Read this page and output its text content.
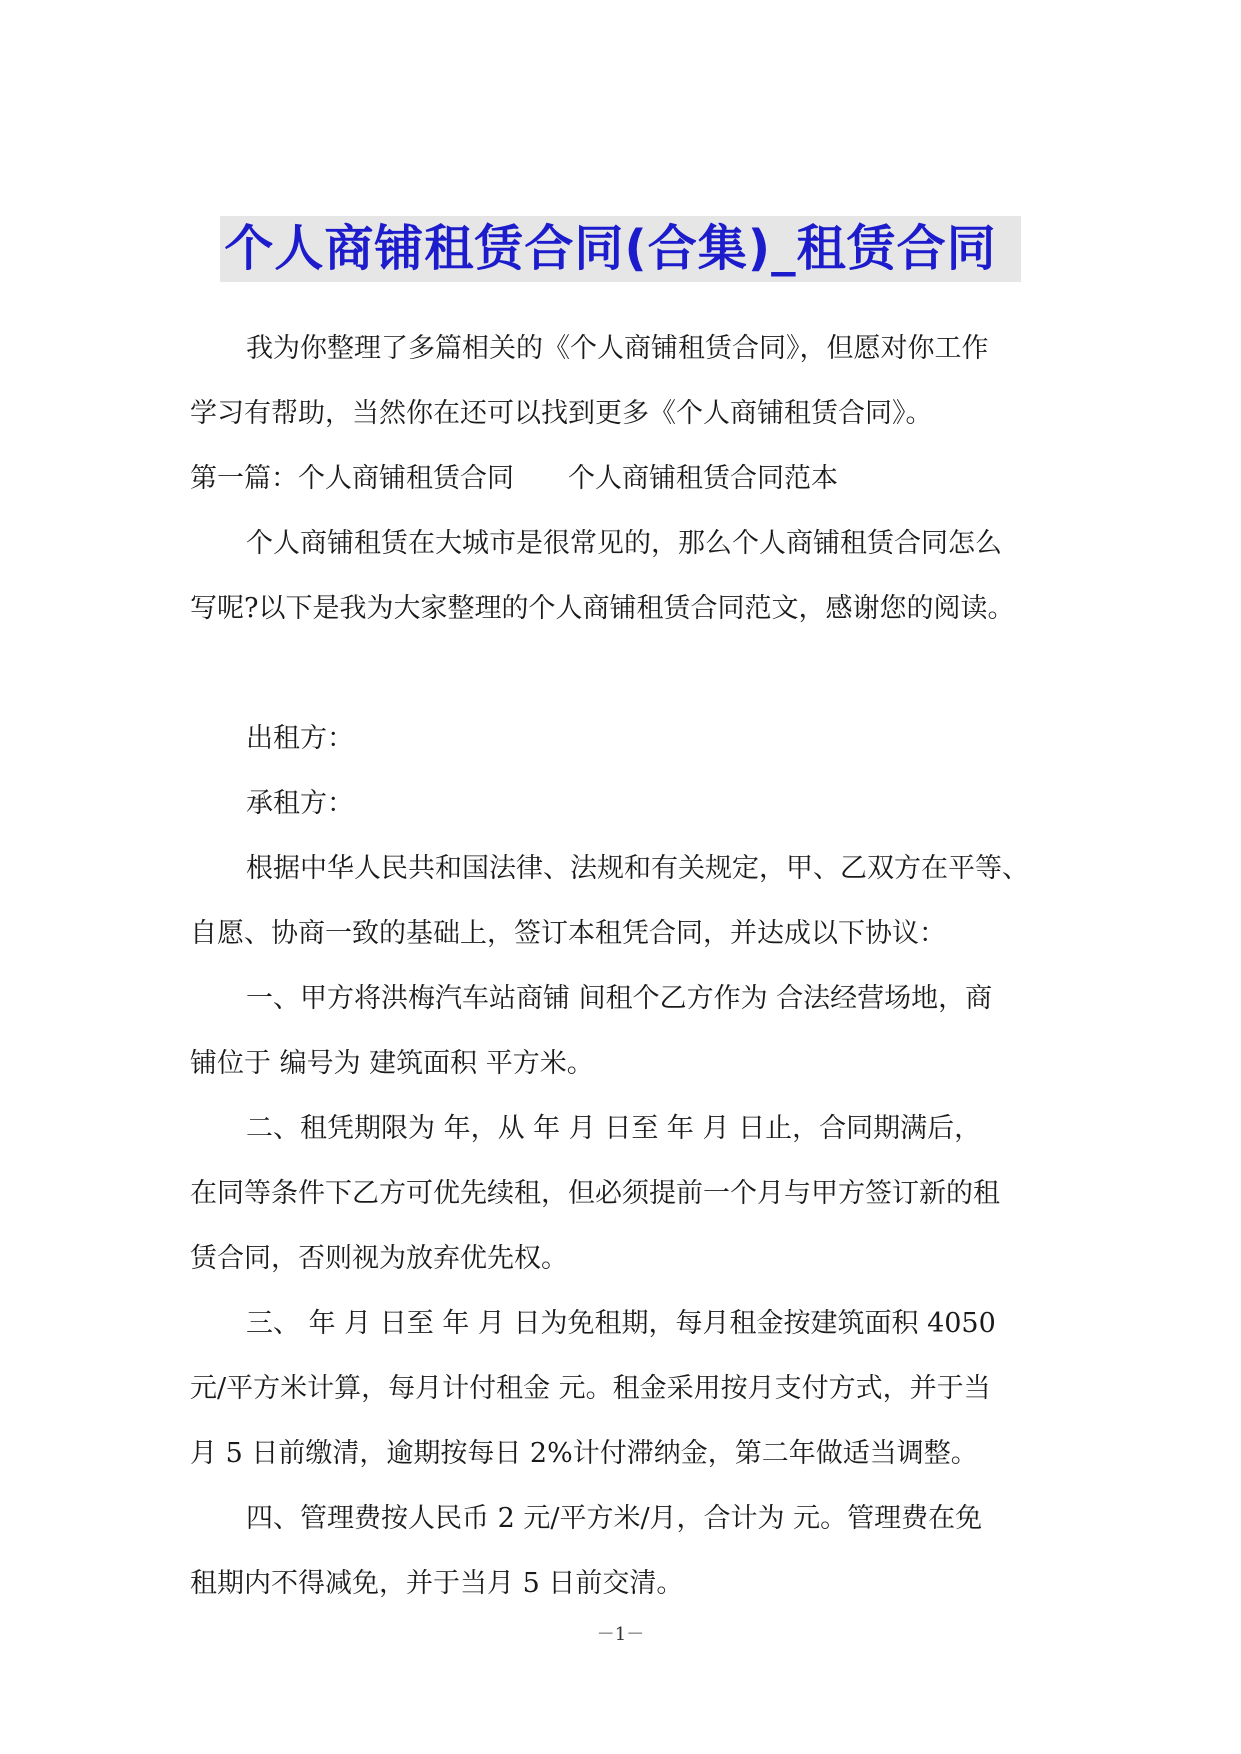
个人商铺租赁合同(合集)_租赁合同

我为你整理了多篇相关的《个人商铺租赁合同》，但愿对你工作

学习有帮助，当然你在还可以找到更多《个人商铺租赁合同》。

第一篇：个人商铺租赁合同　　个人商铺租赁合同范本

个人商铺租赁在大城市是很常见的，那么个人商铺租赁合同怎么

写呢?以下是我为大家整理的个人商铺租赁合同范文，感谢您的阅读。

出租方：

承租方：

根据中华人民共和国法律、法规和有关规定，甲、乙双方在平等、

自愿、协商一致的基础上，签订本租凭合同，并达成以下协议：

一、甲方将洪梅汽车站商铺 间租个乙方作为 合法经营场地，商

铺位于 编号为 建筑面积 平方米。

二、租凭期限为 年，从 年 月 日至 年 月 日止，合同期满后，

在同等条件下乙方可优先续租，但必须提前一个月与甲方签订新的租

赁合同，否则视为放弃优先权。

三、 年 月 日至 年 月 日为免租期，每月租金按建筑面积 4050

元/平方米计算，每月计付租金 元。租金采用按月支付方式，并于当

月 5 日前缴清，逾期按每日 2%计付滞纳金，第二年做适当调整。

四、管理费按人民币 2 元/平方米/月，合计为 元。管理费在免

租期内不得减免，并于当月 5 日前交清。

－1－
